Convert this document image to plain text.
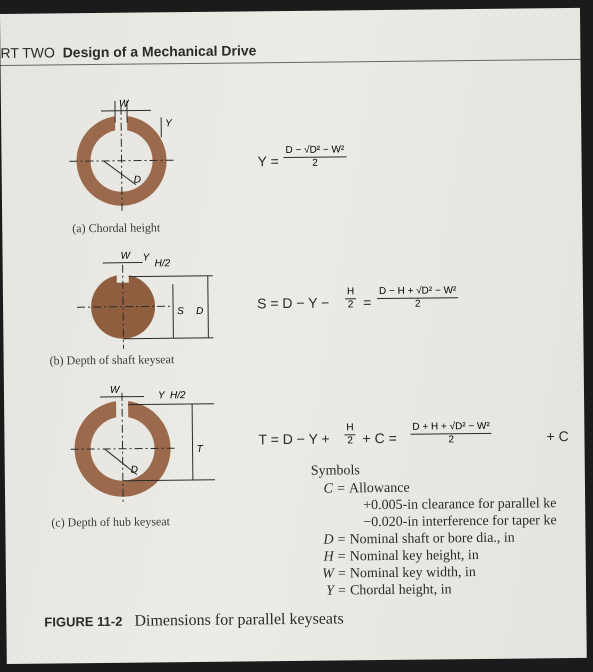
RT TWO Design of a Mechanical Drive
W
Y
D
(a) Chordal height
W Y
H/2
S D
(b) Depth of shaft keyseat
W	Y H/2
T
D
(c) Depth of hub keyseat
$Y = \frac{\text{D − √D² − W²}}{2}$
$S = D - Y - \frac{H}{2} = \frac{\text{D − H + √D² − W²}}{2}$
$T = D - Y + \frac{H}{2} + C = \frac{\text{D + H + √D² − W²}}{2}$	+ C
Symbols
C = Allowance
+0.005-in clearance for parallel ke
−0.020-in interference for taper ke
D = Nominal shaft or bore dia., in
H = Nominal key height, in
W = Nominal key width, in
Y = Chordal height, in
FIGURE 11-2 Dimensions for parallel keyseats
